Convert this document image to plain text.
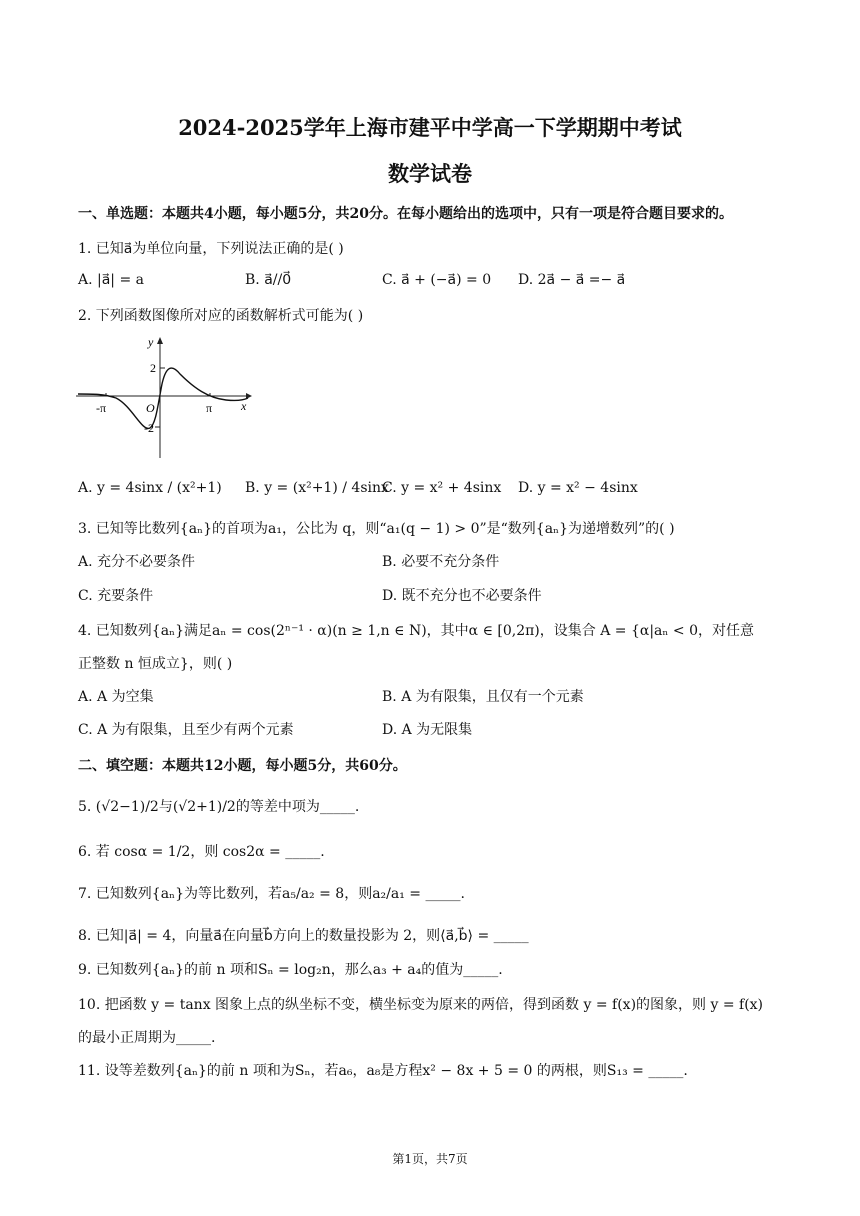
2024-2025学年上海市建平中学高一下学期期中考试
数学试卷
一、单选题：本题共4小题，每小题5分，共20分。在每小题给出的选项中，只有一项是符合题目要求的。
1. 已知a⃗为单位向量，下列说法正确的是( )
A. |a⃗| = a	B. a⃗//0⃗	C. a⃗ + (−a⃗) = 0 D. 2a⃗ − a⃗ =− a⃗
2. 下列函数图像所对应的函数解析式可能为( )
y
x
O
-π	π
2
-2
A. y = 4sinx / (x²+1) B. y = (x²+1) / 4sinx
C. y = x² + 4sinx D. y = x² − 4sinx
3. 已知等比数列{aₙ}的首项为a₁，公比为 q，则“a₁(q − 1) > 0”是“数列{aₙ}为递增数列”的( )
A. 充分不必要条件	B. 必要不充分条件
C. 充要条件	D. 既不充分也不必要条件
4. 已知数列{aₙ}满足aₙ = cos(2ⁿ⁻¹ · α)(n ≥ 1,n ∈ N)，其中α ∈ [0,2π)，设集合 A = {α|aₙ < 0，对任意
正整数 n 恒成立}，则( )
A. A 为空集	B. A 为有限集，且仅有一个元素
C. A 为有限集，且至少有两个元素	D. A 为无限集
二、填空题：本题共12小题，每小题5分，共60分。
5. (√2−1)/2与(√2+1)/2的等差中项为_____.
6. 若 cosα = 1/2，则 cos2α = _____.
7. 已知数列{aₙ}为等比数列，若a₅/a₂ = 8，则a₂/a₁ = _____.
8. 已知|a⃗| = 4，向量a⃗在向量b⃗方向上的数量投影为 2，则⟨a⃗,b⃗⟩ = _____
9. 已知数列{aₙ}的前 n 项和Sₙ = log₂n，那么a₃ + a₄的值为_____.
10. 把函数 y = tanx 图象上点的纵坐标不变，横坐标变为原来的两倍，得到函数 y = f(x)的图象，则 y = f(x)
的最小正周期为_____.
11. 设等差数列{aₙ}的前 n 项和为Sₙ，若a₆，a₈是方程x² − 8x + 5 = 0 的两根，则S₁₃ = _____.
第1页，共7页
